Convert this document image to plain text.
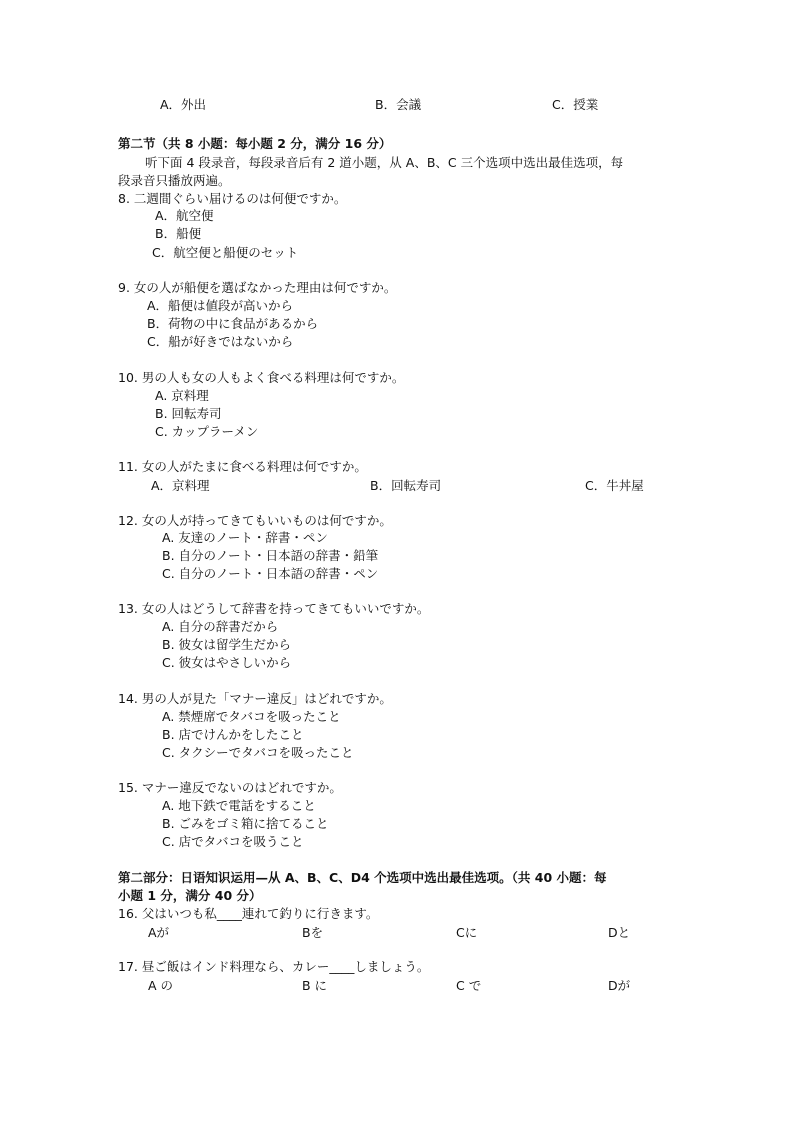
A．外出	B．会議	C．授業
第二节（共 8 小题：每小题 2 分，满分 16 分）
听下面 4 段录音，每段录音后有 2 道小题，从 A、B、C 三个选项中选出最佳选项，每
段录音只播放两遍。
8. 二週間ぐらい届けるのは何便ですか。
A．航空便
B．船便
C．航空便と船便のセット
9. 女の人が船便を選ばなかった理由は何ですか。
A．船便は値段が高いから
B．荷物の中に食品があるから
C．船が好きではないから
10. 男の人も女の人もよく食べる料理は何ですか。
A. 京料理
B. 回転寿司
C. カップラーメン
11. 女の人がたまに食べる料理は何ですか。
A．京料理	B．回転寿司	C．牛丼屋
12. 女の人が持ってきてもいいものは何ですか。
A. 友達のノート・辞書・ペン
B. 自分のノート・日本語の辞書・鉛筆
C. 自分のノート・日本語の辞書・ペン
13. 女の人はどうして辞書を持ってきてもいいですか。
A. 自分の辞書だから
B. 彼女は留学生だから
C. 彼女はやさしいから
14. 男の人が見た「マナー違反」はどれですか。
A. 禁煙席でタバコを吸ったこと
B. 店でけんかをしたこと
C. タクシーでタバコを吸ったこと
15. マナー違反でないのはどれですか。
A. 地下鉄で電話をすること
B. ごみをゴミ箱に捨てること
C. 店でタバコを吸うこと
第二部分：日语知识运用—从 A、B、C、D4 个选项中选出最佳选项。（共 40 小题：每
小题 1 分，满分 40 分）
16. 父はいつも私____連れて釣りに行きます。
Aが	Bを	Cに	Dと
17. 昼ご飯はインド料理なら、カレー____しましょう。
A の	B に	C で	Dが
